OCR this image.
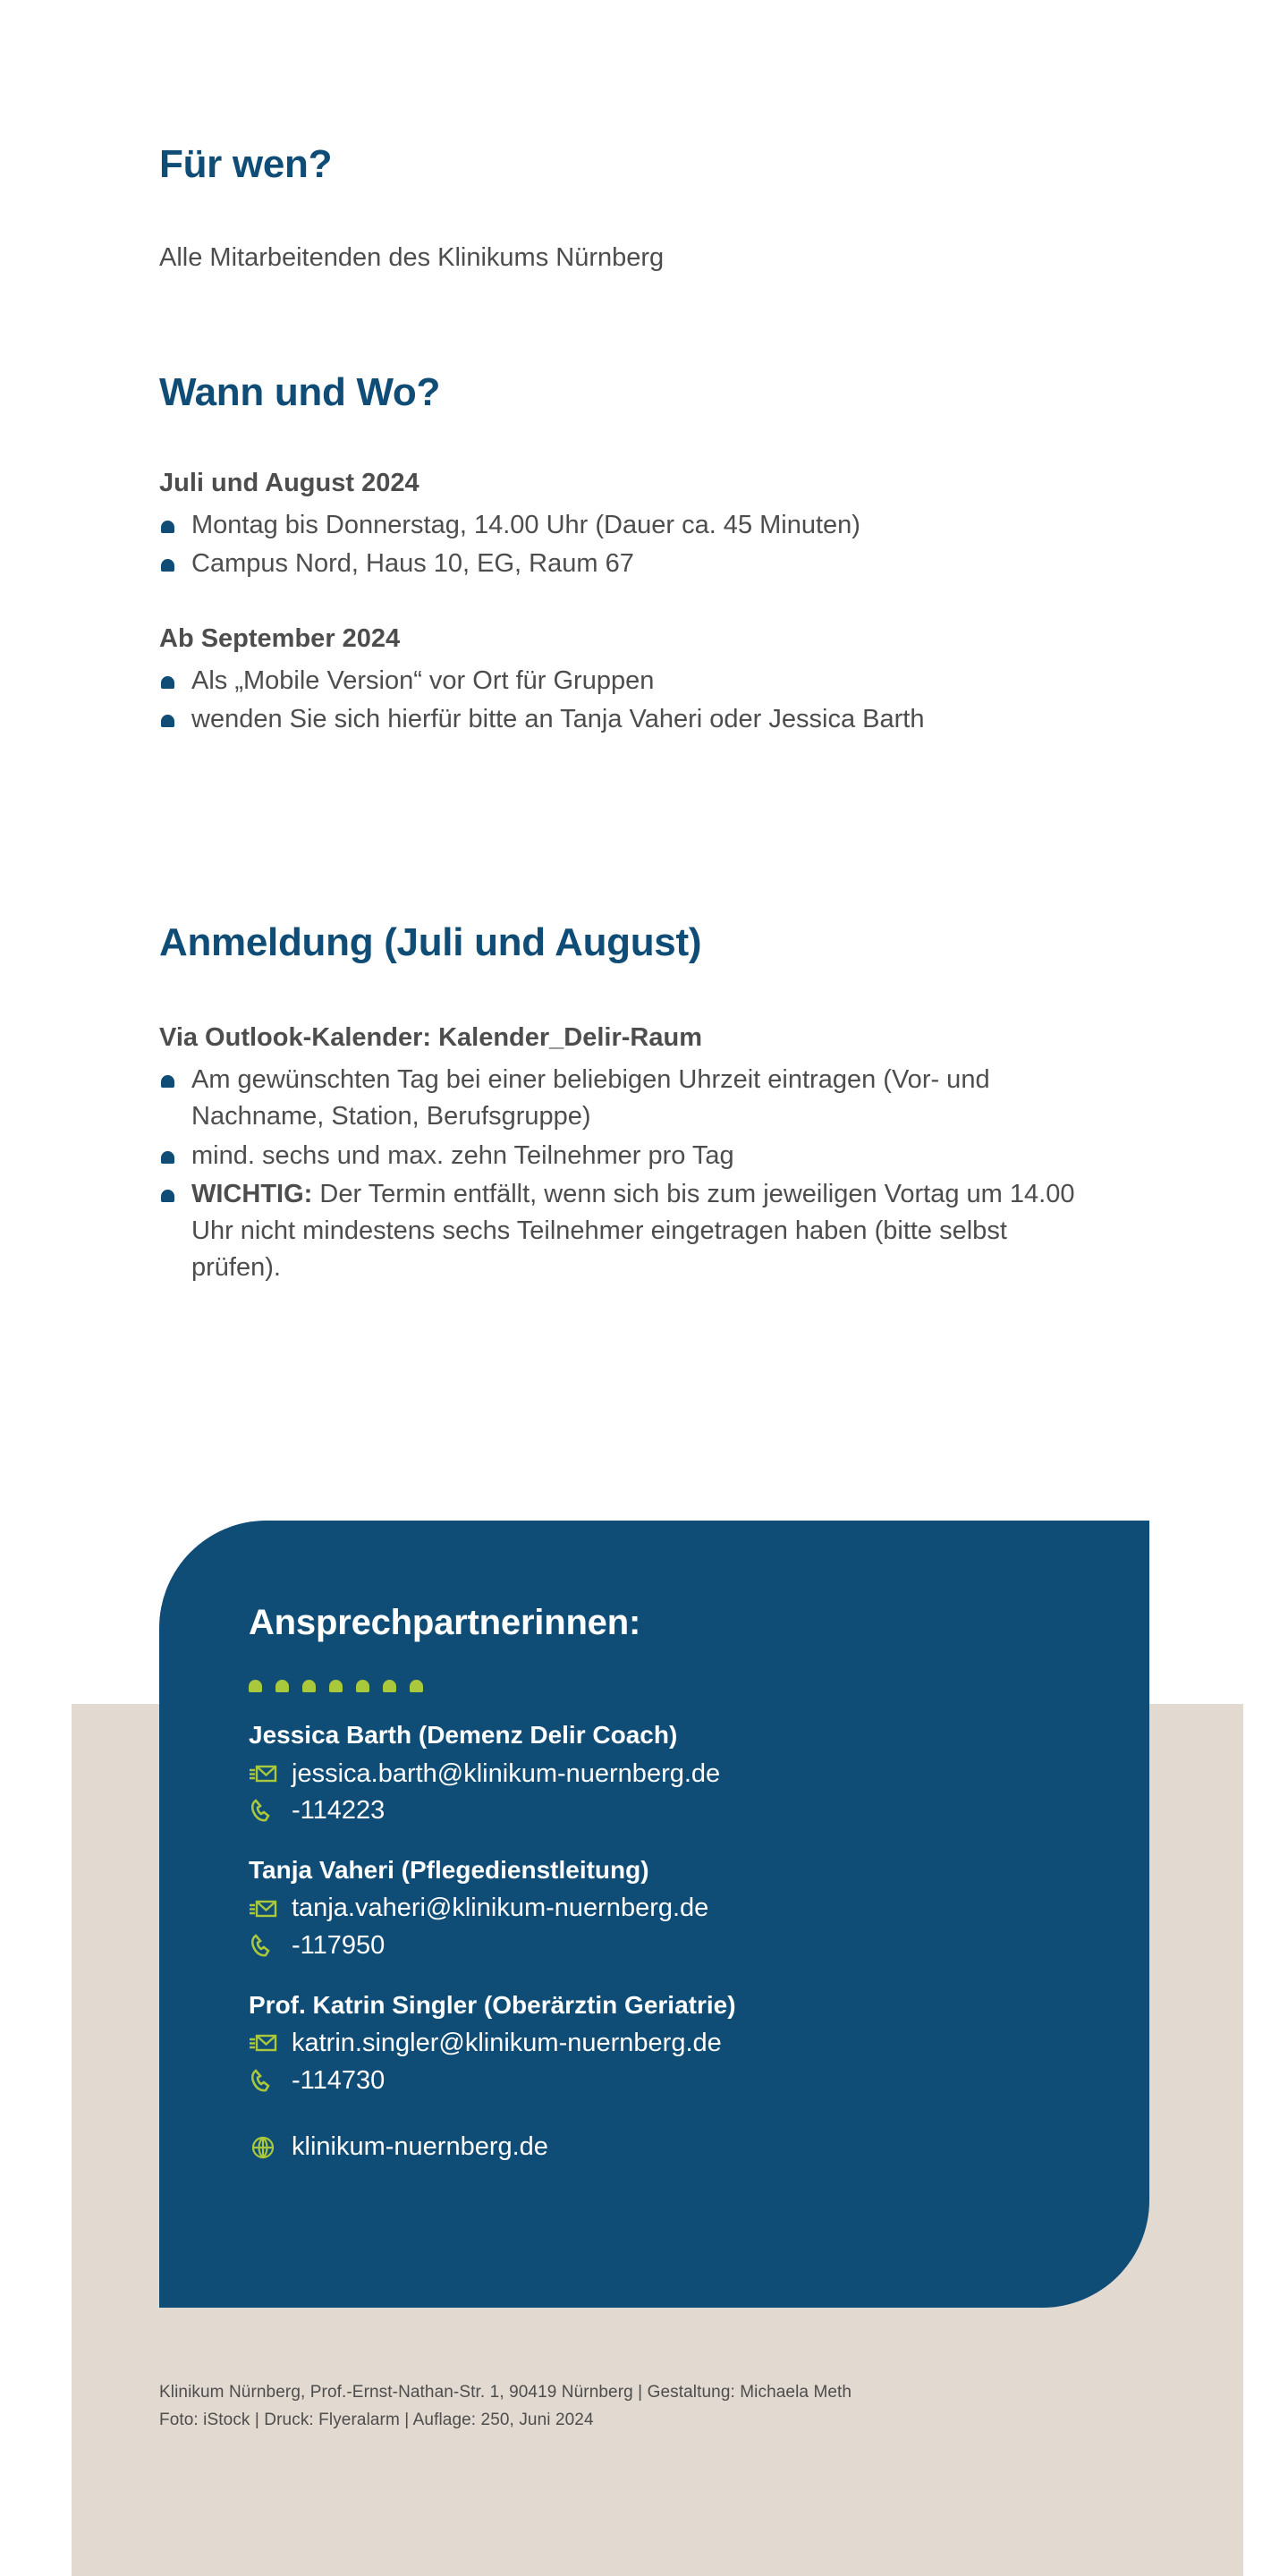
Für wen?

Alle Mitarbeitenden des Klinikums Nürnberg

Wann und Wo?
Juli und August 2024
Montag bis Donnerstag, 14.00 Uhr (Dauer ca. 45 Minuten)
Campus Nord, Haus 10, EG, Raum 67
Ab September 2024
Als „Mobile Version“ vor Ort für Gruppen
wenden Sie sich hierfür bitte an Tanja Vaheri oder Jessica Barth
Anmeldung (Juli und August)
Via Outlook-Kalender: Kalender_Delir-Raum
Am gewünschten Tag bei einer beliebigen Uhrzeit eintragen (Vor- und Nachname, Station, Berufsgruppe)
mind. sechs und max. zehn Teilnehmer pro Tag
WICHTIG: Der Termin entfällt, wenn sich bis zum jeweiligen Vortag um 14.00 Uhr nicht mindestens sechs Teilnehmer eingetragen haben (bitte selbst prüfen).
Ansprechpartnerinnen:
Jessica Barth (Demenz Delir Coach)
jessica.barth@klinikum-nuernberg.de
-114223
Tanja Vaheri (Pflegedienstleitung)
tanja.vaheri@klinikum-nuernberg.de
-117950
Prof. Katrin Singler (Oberärztin Geriatrie)
katrin.singler@klinikum-nuernberg.de
-114730
klinikum-nuernberg.de
Klinikum Nürnberg, Prof.-Ernst-Nathan-Str. 1, 90419 Nürnberg | Gestaltung: Michaela Meth
Foto: iStock | Druck: Flyeralarm | Auflage: 250, Juni 2024
